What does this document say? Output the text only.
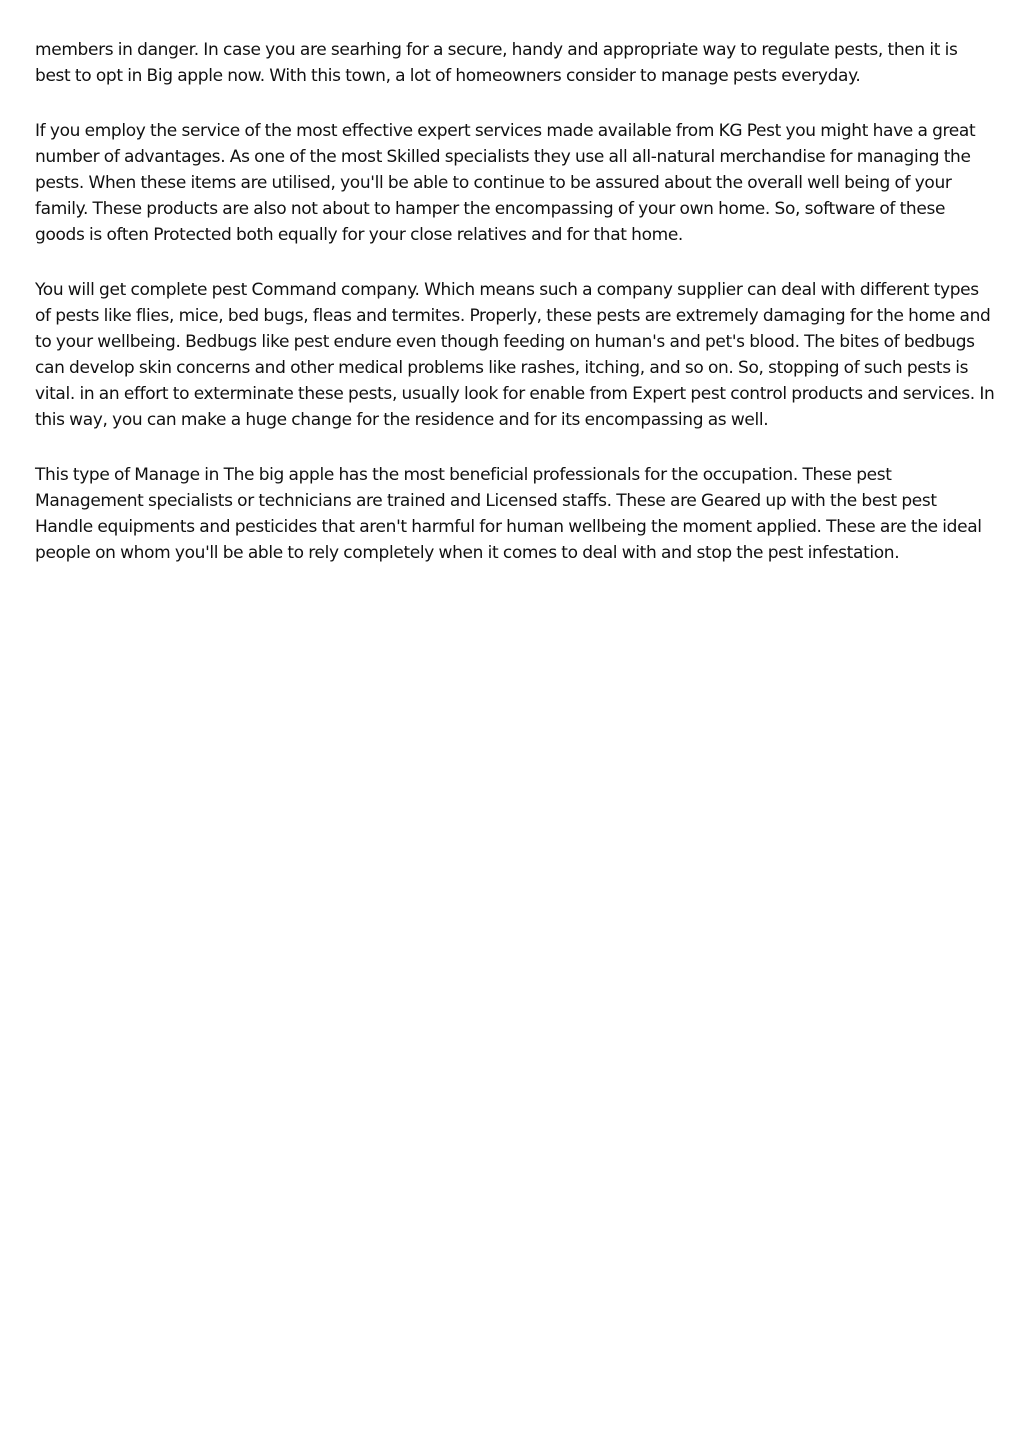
members in danger. In case you are searhing for a secure, handy and appropriate way to regulate pests, then it is best to opt in Big apple now. With this town, a lot of homeowners consider to manage pests everyday.

If you employ the service of the most effective expert services made available from KG Pest you might have a great number of advantages. As one of the most Skilled specialists they use all all-natural merchandise for managing the pests. When these items are utilised, you'll be able to continue to be assured about the overall well being of your family. These products are also not about to hamper the encompassing of your own home. So, software of these goods is often Protected both equally for your close relatives and for that home.

You will get complete pest Command company. Which means such a company supplier can deal with different types of pests like flies, mice, bed bugs, fleas and termites. Properly, these pests are extremely damaging for the home and to your wellbeing. Bedbugs like pest endure even though feeding on human's and pet's blood. The bites of bedbugs can develop skin concerns and other medical problems like rashes, itching, and so on. So, stopping of such pests is vital. in an effort to exterminate these pests, usually look for enable from Expert pest control products and services. In this way, you can make a huge change for the residence and for its encompassing as well.

This type of Manage in The big apple has the most beneficial professionals for the occupation. These pest Management specialists or technicians are trained and Licensed staffs. These are Geared up with the best pest Handle equipments and pesticides that aren't harmful for human wellbeing the moment applied. These are the ideal people on whom you'll be able to rely completely when it comes to deal with and stop the pest infestation.
